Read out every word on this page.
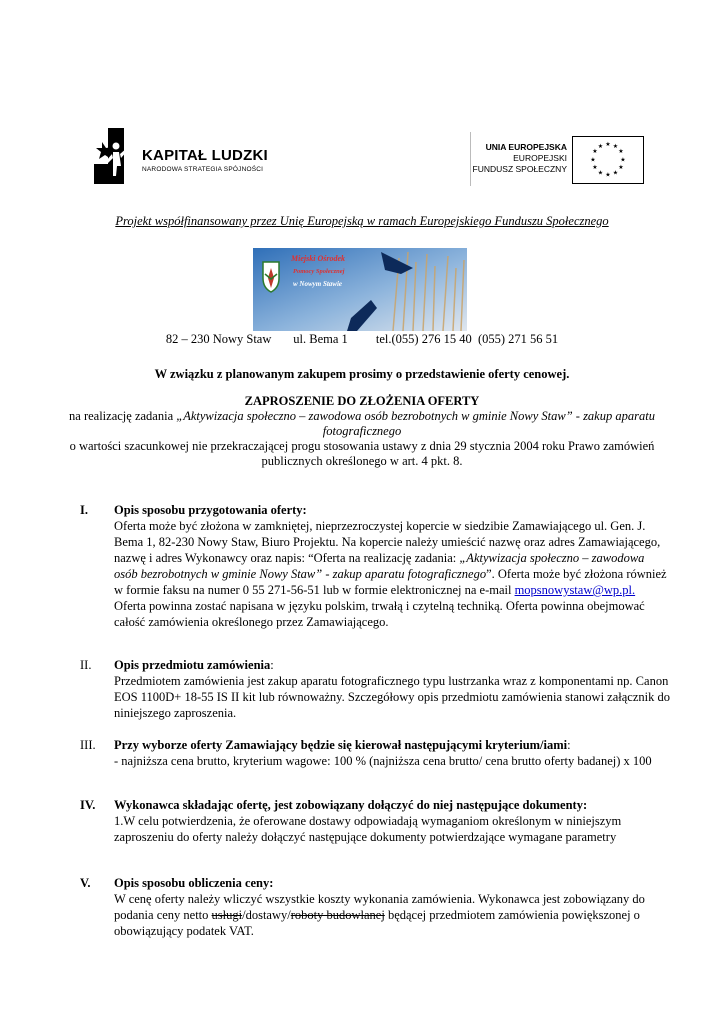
KAPITAŁ LUDZKI
NARODOWA STRATEGIA SPÓJNOŚCI
UNIA EUROPEJSKA
EUROPEJSKI
FUNDUSZ SPOŁECZNY
★ ★
★
★
★
★
★
★
★
★
★
★
Projekt współfinansowany przez Unię Europejską w ramach Europejskiego Funduszu Społecznego
Miejski Ośrodek
Pomocy Społecznej
w Nowym Stawie
82 – 230 Nowy Staw       ul. Bema 1         tel.(055) 276 15 40  (055) 271 56 51
W związku z planowanym zakupem prosimy o przedstawienie oferty cenowej.
ZAPROSZENIE DO ZŁOŻENIA OFERTY
na realizację zadania „Aktywizacja społeczno – zawodowa osób bezrobotnych w gminie Nowy Staw” - zakup aparatu fotograficznego
o wartości szacunkowej nie przekraczającej progu stosowania ustawy z dnia 29 stycznia 2004 roku Prawo zamówień publicznych określonego w art. 4 pkt. 8.
I.	Opis sposobu przygotowania oferty:
Oferta może być złożona w zamkniętej, nieprzezroczystej kopercie w siedzibie Zamawiającego ul. Gen. J. Bema 1, 82-230 Nowy Staw, Biuro Projektu. Na kopercie należy umieścić nazwę oraz adres Zamawiającego, nazwę i adres Wykonawcy oraz napis: “Oferta na realizację zadania: „Aktywizacja społeczno – zawodowa osób bezrobotnych w gminie Nowy Staw” - zakup aparatu fotograficznego”. Oferta może być złożona również w formie faksu na numer 0 55 271-56-51 lub w formie elektronicznej na e-mail mopsnowystaw@wp.pl. Oferta powinna zostać napisana w języku polskim, trwałą i czytelną techniką. Oferta powinna obejmować całość zamówienia określonego przez Zamawiającego.
II.	Opis przedmiotu zamówienia:
Przedmiotem zamówienia jest zakup aparatu fotograficznego typu lustrzanka wraz z komponentami np. Canon EOS 1100D+ 18-55 IS II kit lub równoważny. Szczegółowy opis przedmiotu zamówienia stanowi załącznik do niniejszego zaproszenia.
III.	Przy wyborze oferty Zamawiający będzie się kierował następującymi kryterium/iami:
- najniższa cena brutto, kryterium wagowe: 100 % (najniższa cena brutto/ cena brutto oferty badanej) x 100
IV.	Wykonawca składając ofertę, jest zobowiązany dołączyć do niej następujące dokumenty:
1.W celu potwierdzenia, że oferowane dostawy odpowiadają wymaganiom określonym w niniejszym zaproszeniu do oferty należy dołączyć następujące dokumenty potwierdzające wymagane parametry
V.	Opis sposobu obliczenia ceny:
W cenę oferty należy wliczyć wszystkie koszty wykonania zamówienia. Wykonawca jest zobowiązany do podania ceny netto usługi/dostawy/roboty budowlanej będącej przedmiotem zamówienia powiększonej o obowiązujący podatek VAT.
